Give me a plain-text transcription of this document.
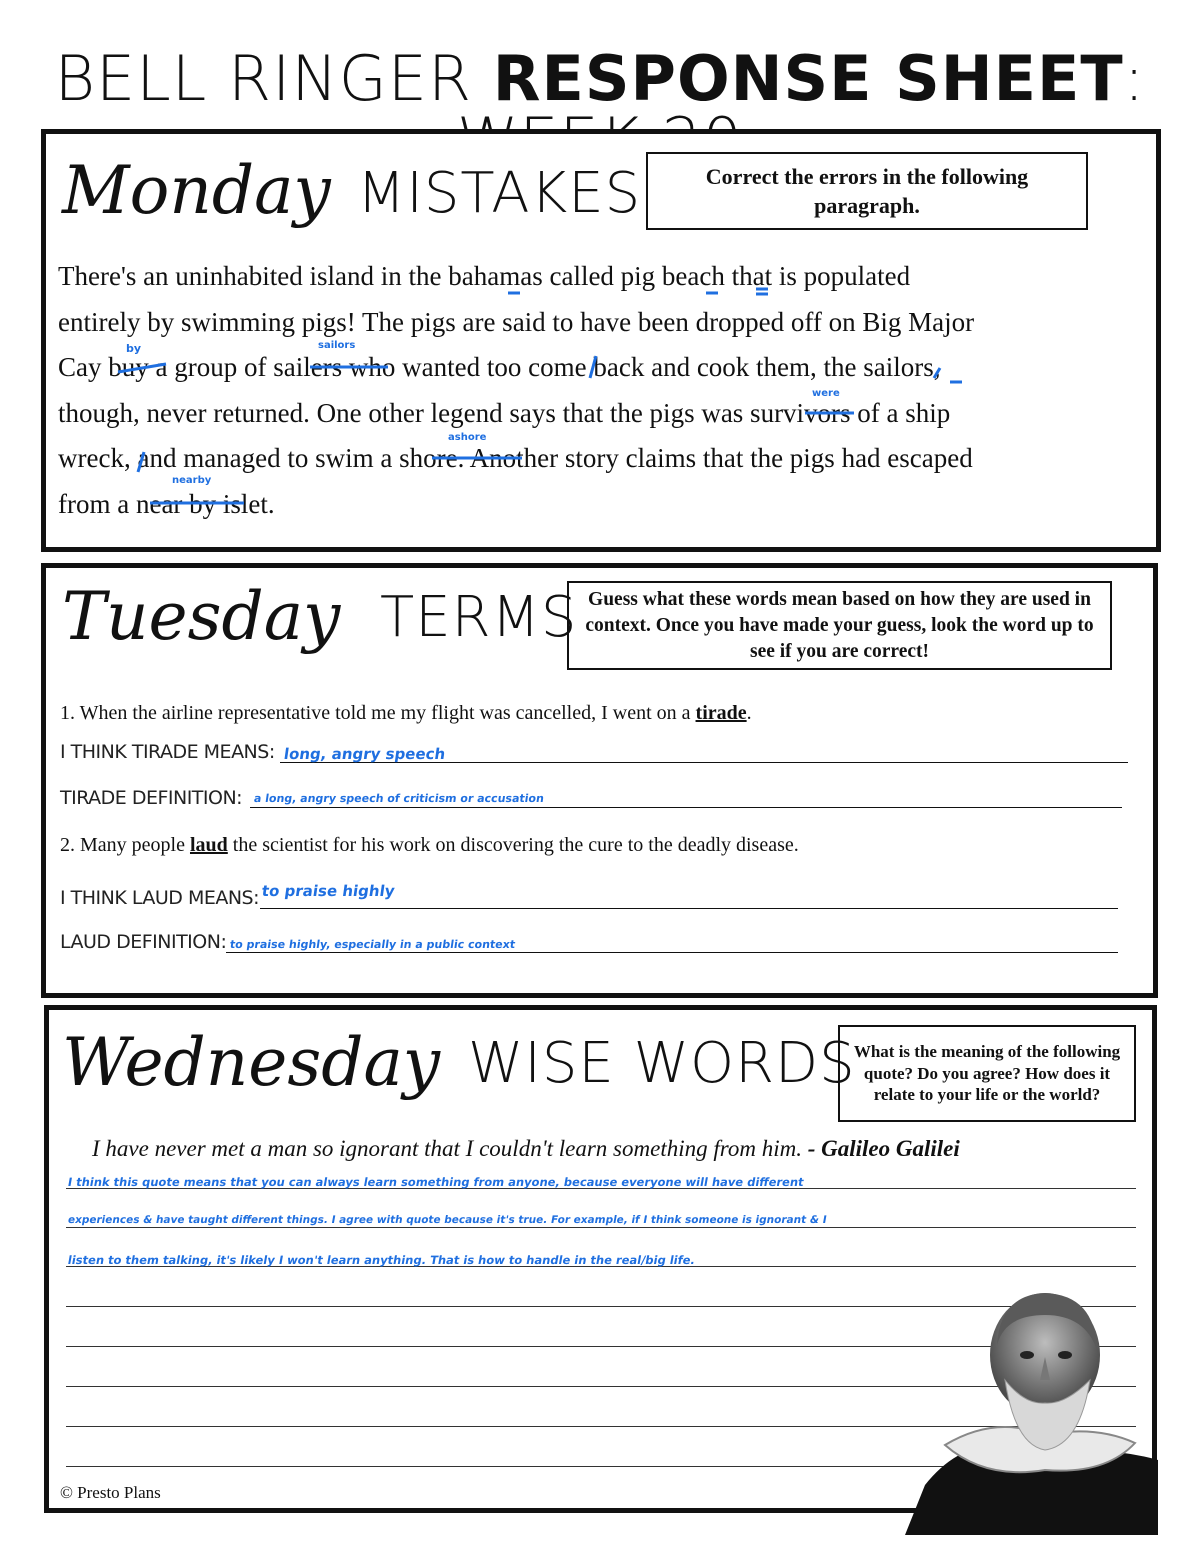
BELL RINGER RESPONSE SHEET:
Monday MISTAKES	Correct the errors in the following paragraph.
There's an uninhabited island in the bahamas called pig beach that is populated
entirely by swimming pigs! The pigs are said to have been dropped off on Big Major
Cay buy a group of sailers who wanted too come back and cook them, the sailors,
though, never returned. One other legend says that the pigs was survivors of a ship
wreck, and managed to swim a shore. Another story claims that the pigs had escaped
from a near by islet.
by	sailors
were
ashore
nearby
Tuesday TERMS Guess what these words mean based on how they are used in context. Once you have made your guess, look the word up to see if you are correct!
1. When the airline representative told me my flight was cancelled, I went on a tirade.
I THINK TIRADE MEANS: long, angry speech
TIRADE DEFINITION: a long, angry speech of criticism or accusation
2. Many people laud the scientist for his work on discovering the cure to the deadly disease.
I THINK LAUD MEANS: to praise highly
LAUD DEFINITION: to praise highly, especially in a public context
Wednesday WISE WORDS
What is the meaning of the following quote? Do you agree? How does it relate to your life or the world?
I have never met a man so ignorant that I couldn't learn something from him. - Galileo Galilei
I think this quote means that you can always learn something from anyone, because everyone will have different
experiences & have taught different things. I agree with quote because it's true. For example, if I think someone is ignorant & I
listen to them talking, it's likely I won't learn anything. That is how to handle in the real/big life.
© Presto Plans
